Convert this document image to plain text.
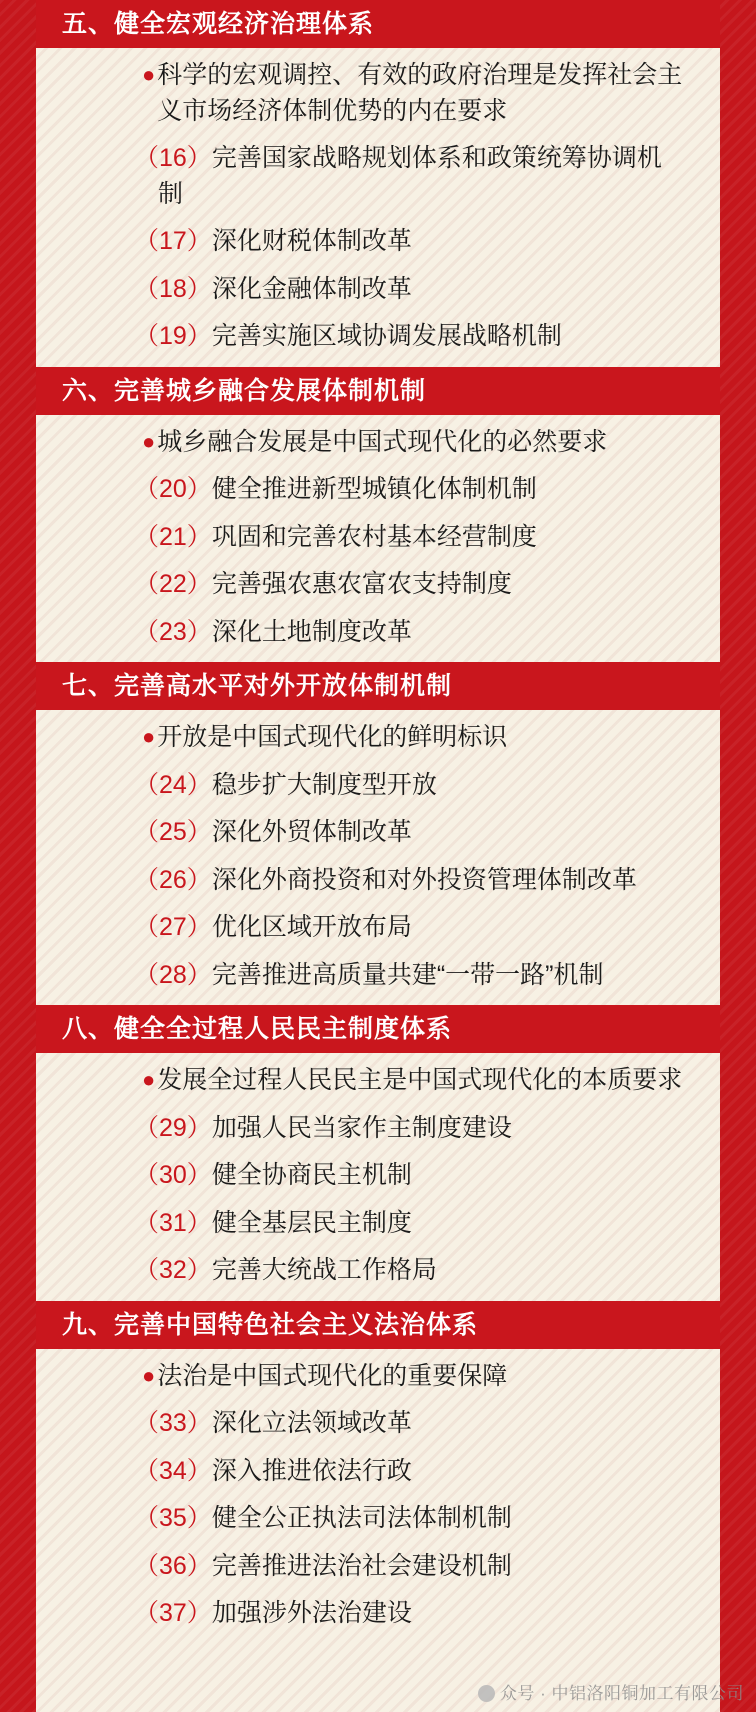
五、健全宏观经济治理体系
● 科学的宏观调控、有效的政府治理是发挥社会主义市场经济体制优势的内在要求
（16）完善国家战略规划体系和政策统筹协调机制
（17）深化财税体制改革
（18）深化金融体制改革
（19）完善实施区域协调发展战略机制
六、完善城乡融合发展体制机制
● 城乡融合发展是中国式现代化的必然要求
（20）健全推进新型城镇化体制机制
（21）巩固和完善农村基本经营制度
（22）完善强农惠农富农支持制度
（23）深化土地制度改革
七、完善高水平对外开放体制机制
● 开放是中国式现代化的鲜明标识
（24）稳步扩大制度型开放
（25）深化外贸体制改革
（26）深化外商投资和对外投资管理体制改革
（27）优化区域开放布局
（28）完善推进高质量共建“一带一路”机制
八、健全全过程人民民主制度体系
● 发展全过程人民民主是中国式现代化的本质要求
（29）加强人民当家作主制度建设
（30）健全协商民主机制
（31）健全基层民主制度
（32）完善大统战工作格局
九、完善中国特色社会主义法治体系
● 法治是中国式现代化的重要保障
（33）深化立法领域改革
（34）深入推进依法行政
（35）健全公正执法司法体制机制
（36）完善推进法治社会建设机制
（37）加强涉外法治建设
众号 · 中铝洛阳铜加工有限公司
